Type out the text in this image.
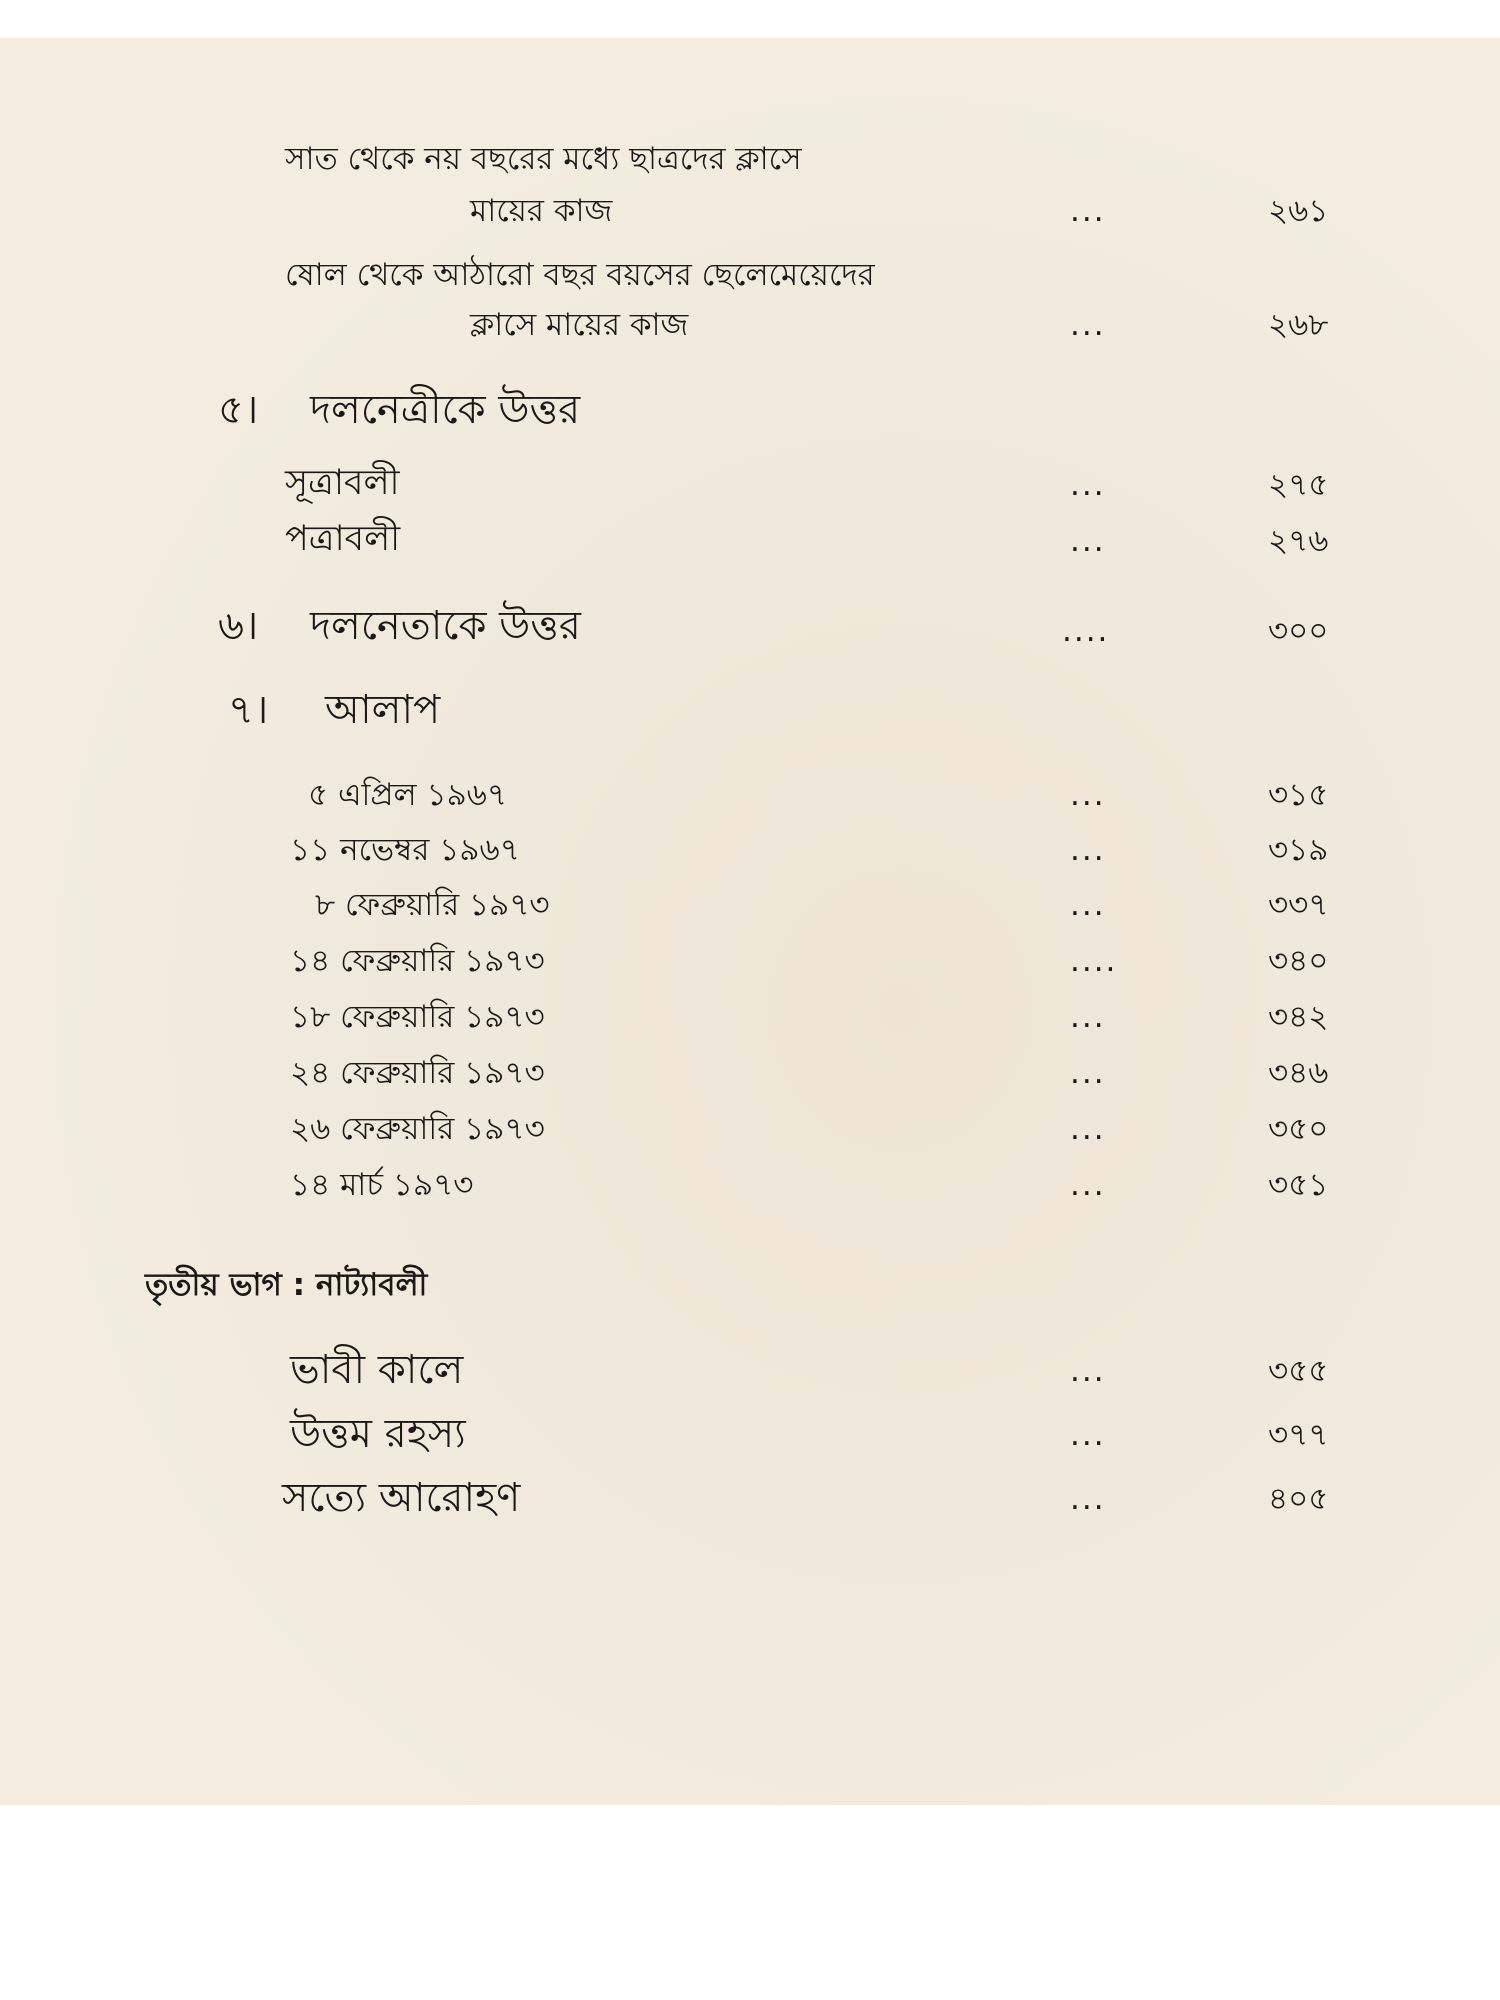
সাত থেকে নয় বছরের মধ্যে ছাত্রদের ক্লাসে
মায়ের কাজ	...	২৬১
ষোল থেকে আঠারো বছর বয়সের ছেলেমেয়েদের
ক্লাসে মায়ের কাজ	...	২৬৮
৫। দলনেত্রীকে উত্তর
সূত্রাবলী	...	২৭৫
পত্রাবলী	...	২৭৬
৬। দলনেতাকে উত্তর	....	৩০০
৭। আলাপ
৫ এপ্রিল ১৯৬৭	...	৩১৫
১১ নভেম্বর ১৯৬৭	...	৩১৯
৮ ফেব্রুয়ারি ১৯৭৩	...	৩৩৭
১৪ ফেব্রুয়ারি ১৯৭৩	....	৩৪০
১৮ ফেব্রুয়ারি ১৯৭৩	...	৩৪২
২৪ ফেব্রুয়ারি ১৯৭৩	...	৩৪৬
২৬ ফেব্রুয়ারি ১৯৭৩	...	৩৫০
১৪ মার্চ ১৯৭৩	...	৩৫১
তৃতীয় ভাগ : নাট্যাবলী
ভাবী কালে	...	৩৫৫
উত্তম রহস্য	...	৩৭৭
সত্যে আরোহণ	...	৪০৫
